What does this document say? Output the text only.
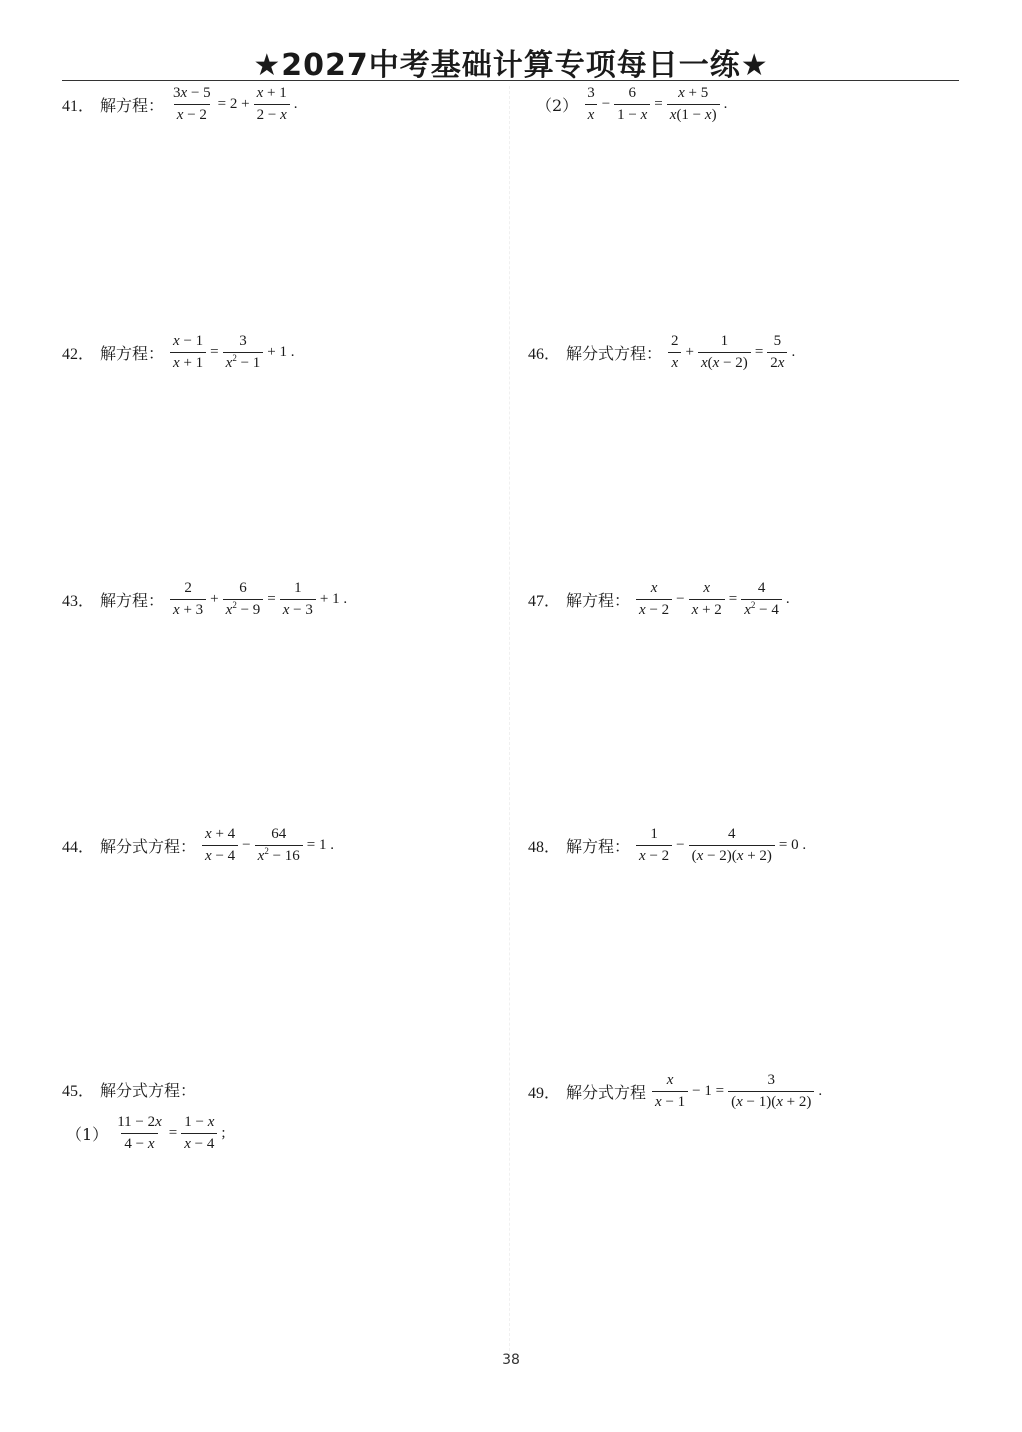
★2027中考基础计算专项每日一练★
41． 解方程： $\frac{3x - 5}{x - 2} = 2 + \frac{x + 1}{2 - x}$ .	$(2) \frac{3}{x} - \frac{6}{1 - x} = \frac{x + 5}{x(1 - x)}$ .
42． 解方程： $\frac{x - 1}{x + 1} = \frac{3}{x^2 - 1} + 1$ .	46． 解分式方程： $\frac{2}{x} + \frac{1}{x(x - 2)} = \frac{5}{2x}$ .
43． 解方程： $\frac{2}{x + 3} + \frac{6}{x^2 - 9} = \frac{1}{x - 3} + 1$ .	47． 解方程： $\frac{x}{x - 2} - \frac{x}{x + 2} = \frac{4}{x^2 - 4}$ .
44． 解分式方程： $\frac{x + 4}{x - 4} - \frac{64}{x^2 - 16} = 1$ .	48． 解方程： $\frac{1}{x - 2} - \frac{4}{(x - 2)(x + 2)} = 0$ .
45． 解分式方程：
$(1) \frac{11 - 2x}{4 - x} = \frac{1 - x}{x - 4}$ ;
49． 解分式方程 $\frac{x}{x - 1} - 1 = \frac{3}{(x - 1)(x + 2)}$ .
38
